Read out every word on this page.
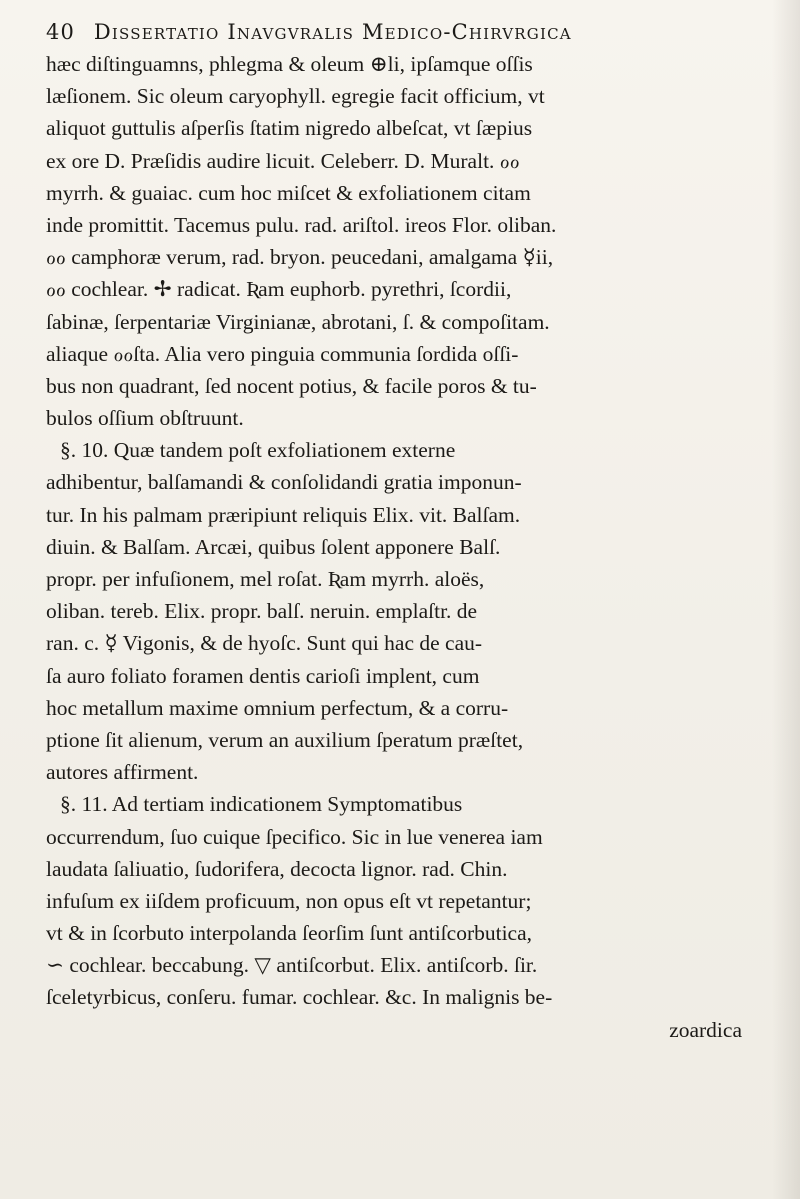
40 Dissertatio Inavgvralis Medico-Chirvrgica
hæc diſtinguamns, phlegma & oleum ⊕li, ipſamque oſſis
læſionem. Sic oleum caryophyll. egregie facit officium, vt
aliquot guttulis aſperſis ſtatim nigredo albeſcat, vt ſæpius
ex ore D. Præſidis audire licuit. Celeberr. D. Muralt. ℴℴ
myrrh. & guaiac. cum hoc miſcet & exfoliationem citam
inde promittit. Tacemus pulu. rad. ariſtol. ireos Flor. oliban.
ℴℴ camphoræ verum, rad. bryon. peucedani, amalgama ☿ii,
ℴℴ cochlear. ✢ radicat. Ʀam euphorb. pyrethri, ſcordii,
ſabinæ, ſerpentariæ Virginianæ, abrotani, ſ. & compoſitam.
aliaque ℴℴſta. Alia vero pinguia communia ſordida oſſi-
bus non quadrant, ſed nocent potius, & facile poros & tu-
bulos oſſium obſtruunt.
§. 10. Quæ tandem poſt exfoliationem externe
adhibentur, balſamandi & conſolidandi gratia imponun-
tur. In his palmam præripiunt reliquis Elix. vit. Balſam.
diuin. & Balſam. Arcæi, quibus ſolent apponere Balſ.
propr. per infuſionem, mel roſat. Ʀam myrrh. aloës,
oliban. tereb. Elix. propr. balſ. neruin. emplaſtr. de
ran. c. ☿ Vigonis, & de hyoſc. Sunt qui hac de cau-
ſa auro foliato foramen dentis carioſi implent, cum
hoc metallum maxime omnium perfectum, & a corru-
ptione ſit alienum, verum an auxilium ſperatum præſtet,
autores affirment.
§. 11. Ad tertiam indicationem Symptomatibus
occurrendum, ſuo cuique ſpecifico. Sic in lue venerea iam
laudata ſaliuatio, ſudorifera, decocta lignor. rad. Chin.
infuſum ex iiſdem proficuum, non opus eſt vt repetantur;
vt & in ſcorbuto interpolanda ſeorſim ſunt antiſcorbutica,
∽ cochlear. beccabung. ▽ antiſcorbut. Elix. antiſcorb. ſir.
ſceletyrbicus, conſeru. fumar. cochlear. &c. In malignis be-
zoardica
